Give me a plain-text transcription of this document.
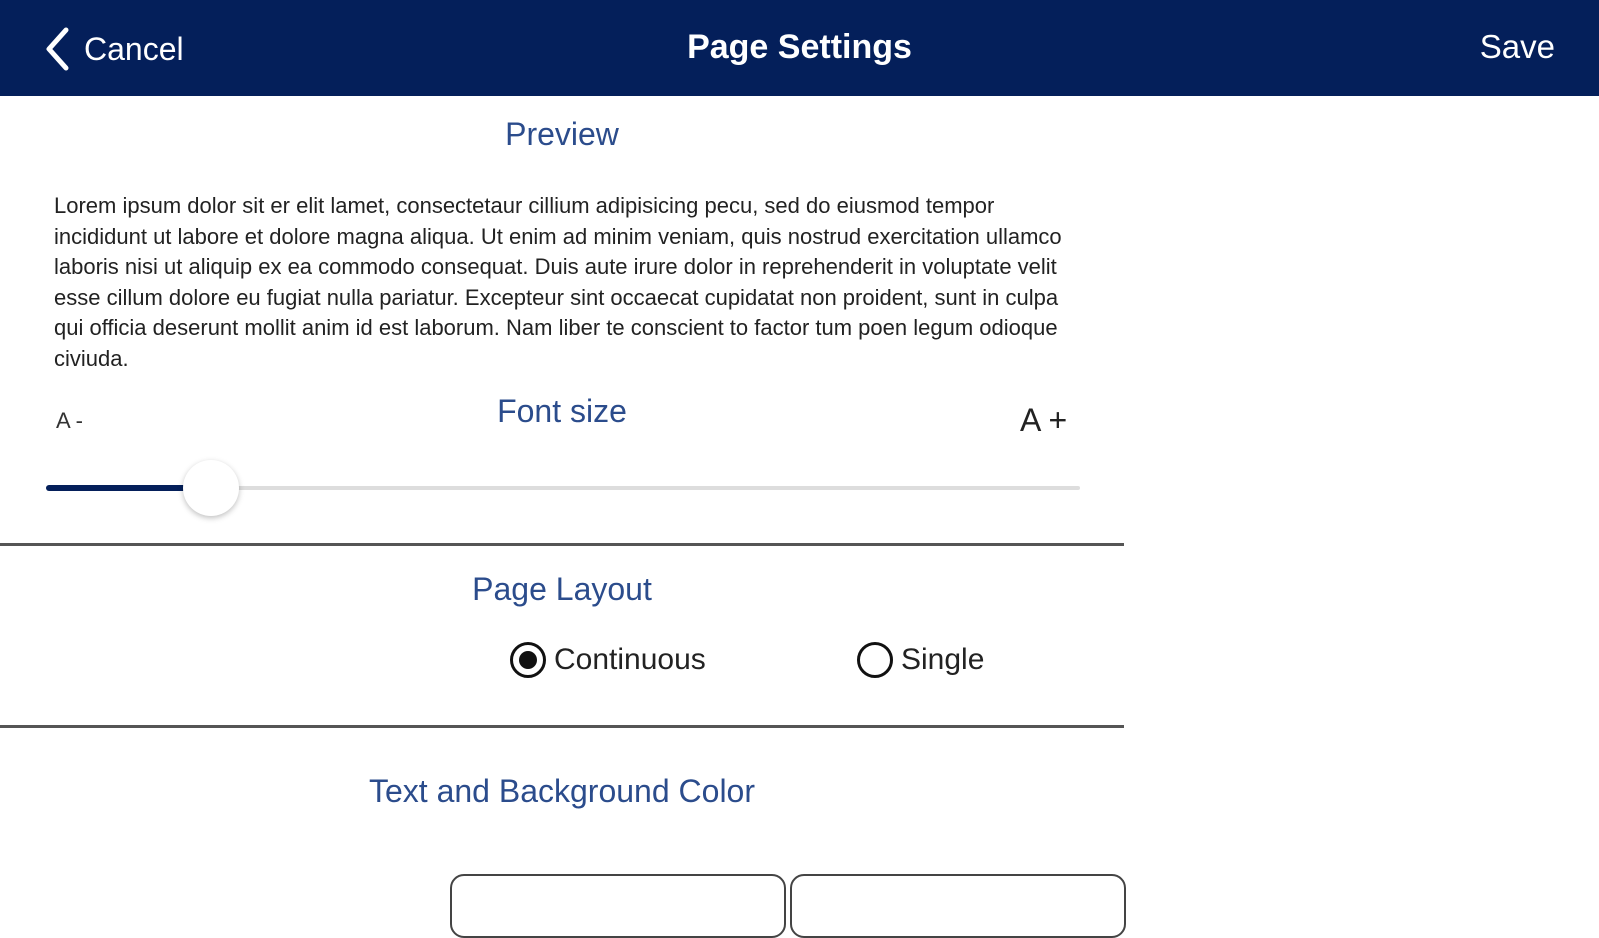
Cancel	Page Settings	Save
Preview
Lorem ipsum dolor sit er elit lamet, consectetaur cillium adipisicing pecu, sed do eiusmod tempor incididunt ut labore et dolore magna aliqua. Ut enim ad minim veniam, quis nostrud exercitation ullamco laboris nisi ut aliquip ex ea commodo consequat. Duis aute irure dolor in reprehenderit in voluptate velit esse cillum dolore eu fugiat nulla pariatur. Excepteur sint occaecat cupidatat non proident, sunt in culpa qui officia deserunt mollit anim id est laborum. Nam liber te conscient to factor tum poen legum odioque civiuda.
Font size
A -	A +
Page Layout
Continuous	Single
Text and Background Color
